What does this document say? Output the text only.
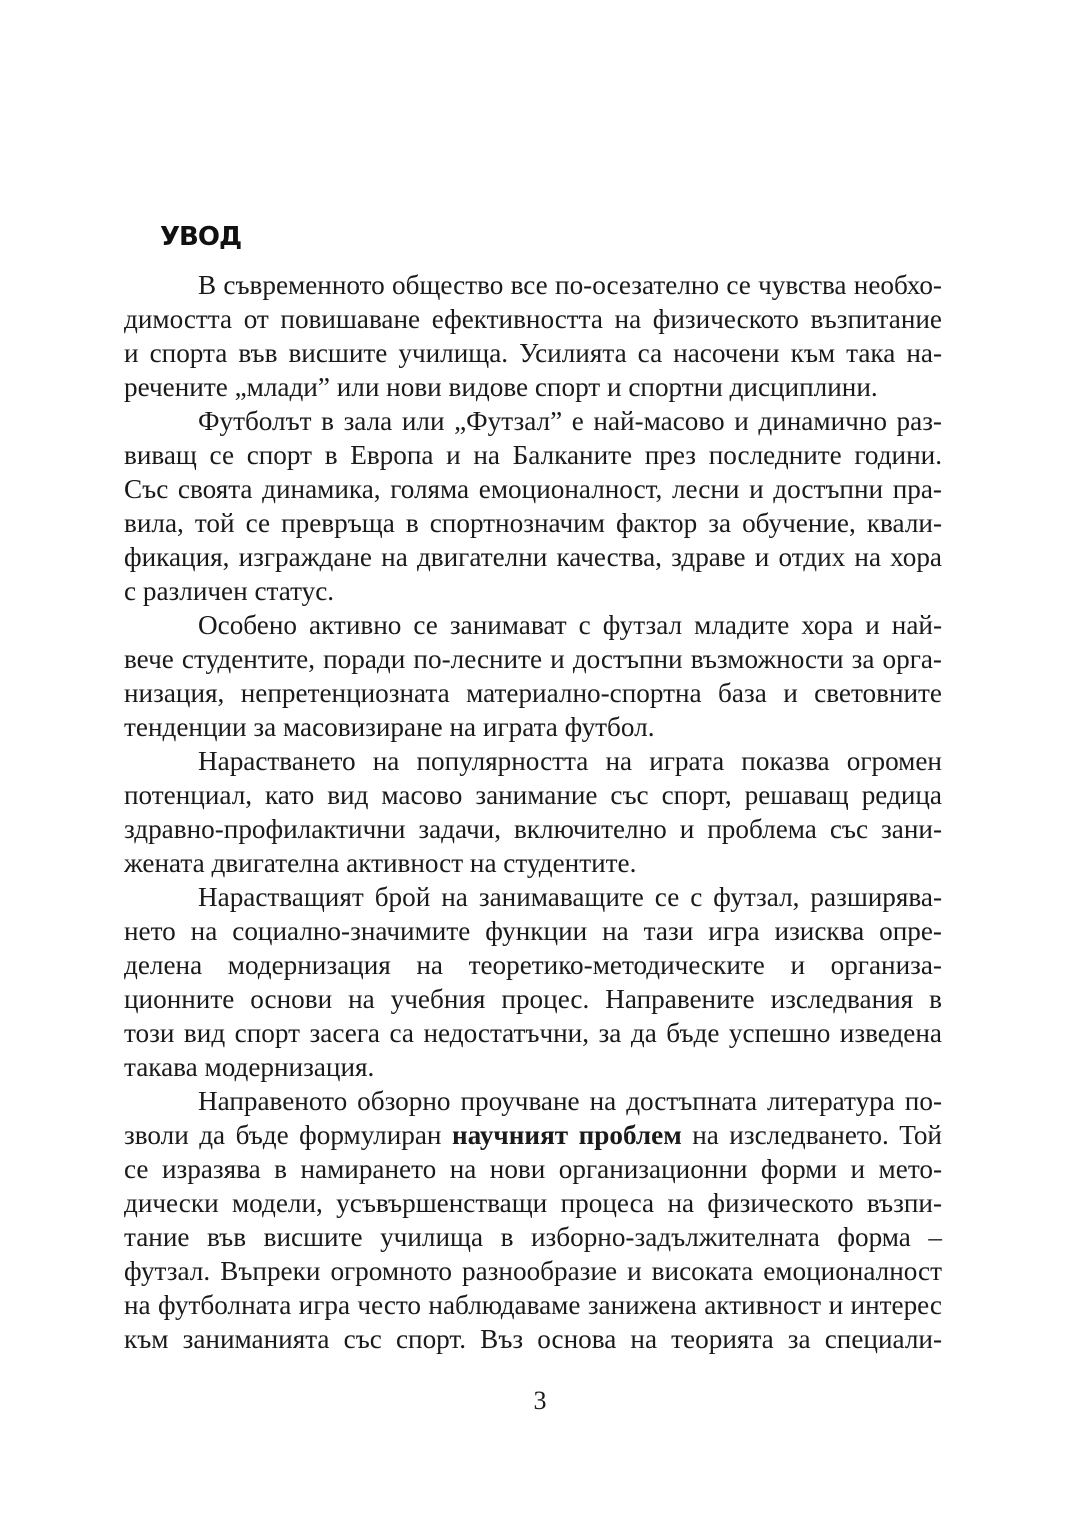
УВОД

В съвременното общество все по-осезателно се чувства необхо-
димостта от повишаване ефективността на физическото възпитание
и спорта във висшите училища. Усилията са насочени към така на-
речените „млади” или нови видове спорт и спортни дисциплини.

Футболът в зала или „Футзал” е най-масово и динамично раз-
виващ се спорт в Европа и на Балканите през последните години.
Със своята динамика, голяма емоционалност, лесни и достъпни пра-
вила, той се превръща в спортнозначим фактор за обучение, квали-
фикация, изграждане на двигателни качества, здраве и отдих на хора
с различен статус.

Особено активно се занимават с футзал младите хора и най-
вече студентите, поради по-лесните и достъпни възможности за орга-
низация, непретенциозната материално-спортна база и световните
тенденции за масовизиране на играта футбол.

Нарастването на популярността на играта показва огромен
потенциал, като вид масово занимание със спорт, решаващ редица
здравно-профилактични задачи, включително и проблема със зани-
жената двигателна активност на студентите.

Нарастващият брой на занимаващите се с футзал, разширява-
нето на социално-значимите функции на тази игра изисква опре-
делена модернизация на теоретико-методическите и организа-
ционните основи на учебния процес. Направените изследвания в
този вид спорт засега са недостатъчни, за да бъде успешно изведена
такава модернизация.

Направеното обзорно проучване на достъпната литература по-
зволи да бъде формулиран научният проблем на изследването. Той
се изразява в намирането на нови организационни форми и мето-
дически модели, усъвършенстващи процеса на физическото възпи-
тание във висшите училища в изборно-задължителната форма –
футзал. Въпреки огромното разнообразие и високата емоционалност
на футболната игра често наблюдаваме занижена активност и интерес
към заниманията със спорт. Въз основа на теорията за специали-

3
